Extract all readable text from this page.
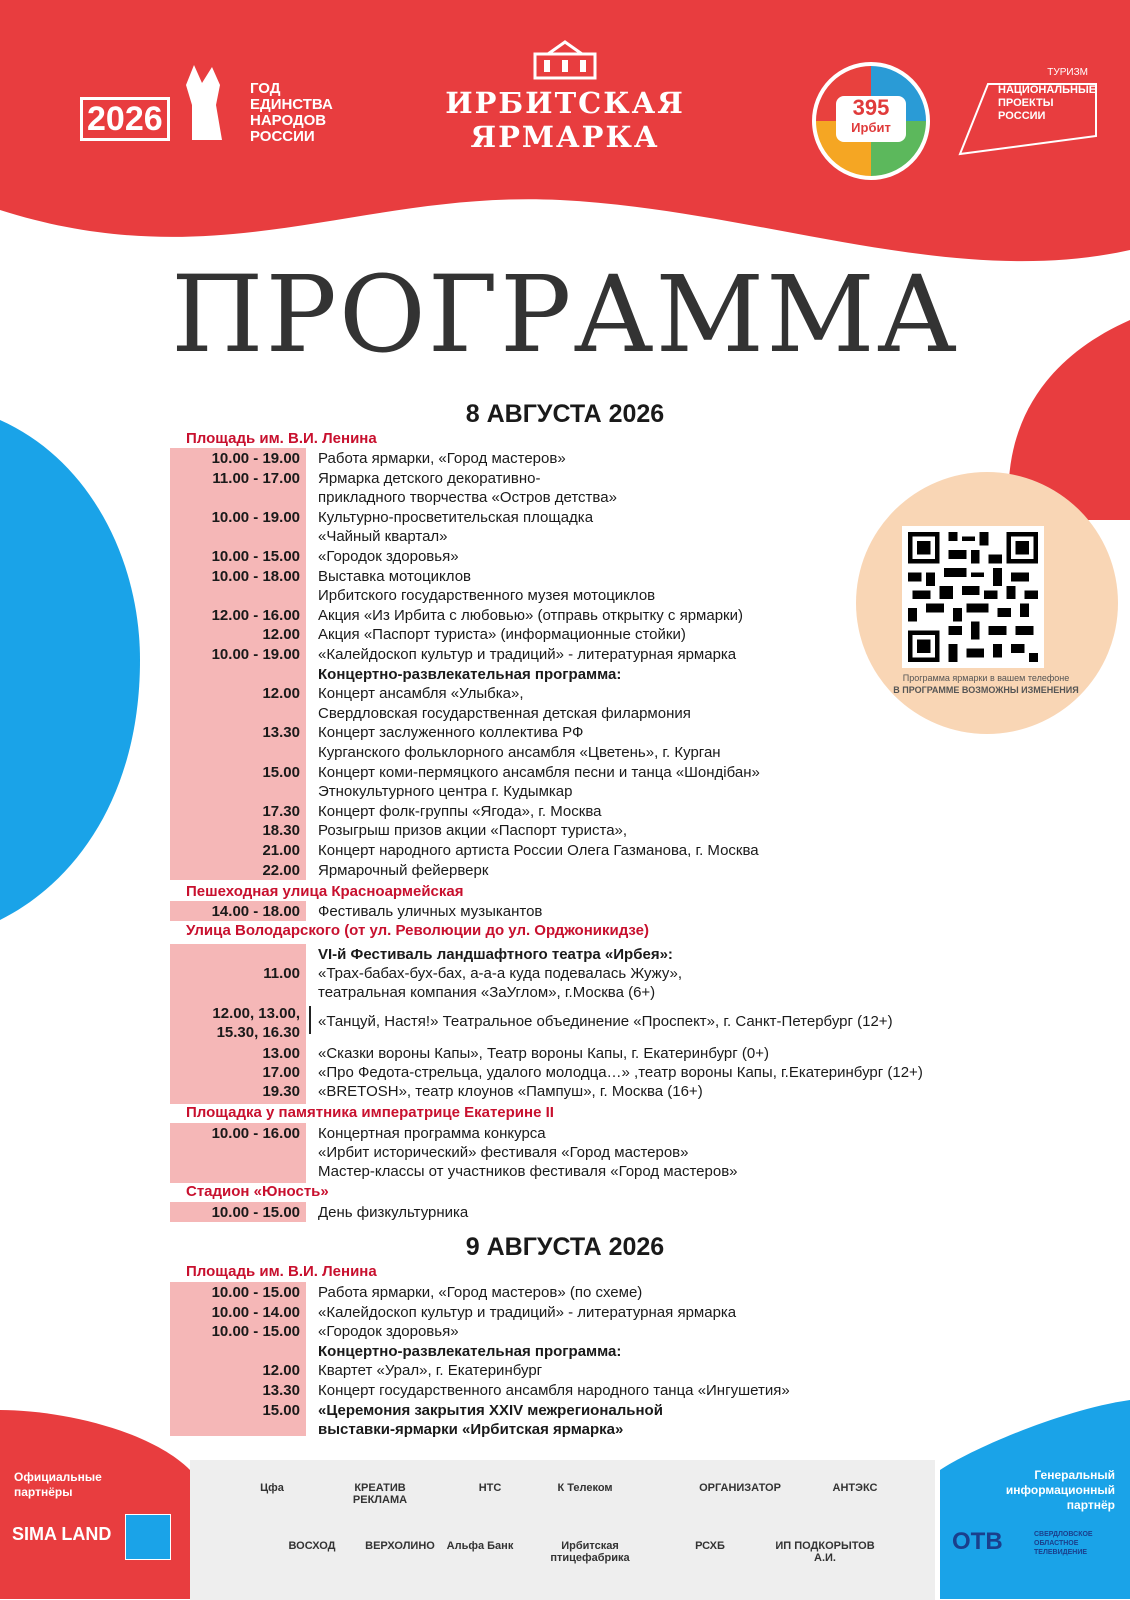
2026
ГОД ЕДИНСТВА НАРОДОВ РОССИИ
ИРБИТСКАЯ
ЯРМАРКА
395
Ирбит
ТУРИЗМ
НАЦИОНАЛЬНЫЕ ПРОЕКТЫ РОССИИ
ПРОГРАММА
Программа ярмарки в вашем телефоне
В ПРОГРАММЕ ВОЗМОЖНЫ ИЗМЕНЕНИЯ
8 АВГУСТА 2026
Площадь им. В.И. Ленина
10.00 - 19.00 Работа ярмарки, «Город мастеров»
11.00 - 17.00 Ярмарка детского декоративно-
прикладного творчества «Остров детства»
10.00 - 19.00 Культурно-просветительская площадка
«Чайный квартал»
10.00 - 15.00 «Городок здоровья»
10.00 - 18.00 Выставка мотоциклов
Ирбитского государственного музея мотоциклов
12.00 - 16.00 Акция «Из Ирбита с любовью» (отправь открытку с ярмарки)
12.00 Акция «Паспорт туриста» (информационные стойки)
10.00 - 19.00 «Калейдоскоп культур и традиций» - литературная ярмарка
Концертно-развлекательная программа:
12.00 Концерт ансамбля «Улыбка»,
Свердловская государственная детская филармония
13.30 Концерт заслуженного коллектива РФ
Курганского фольклорного ансамбля «Цветень», г. Курган
15.00 Концерт коми-пермяцкого ансамбля песни и танца «Шондiбан»
Этнокультурного центра г. Кудымкар
17.30 Концерт фолк-группы «Ягода», г. Москва
18.30 Розыгрыш призов акции «Паспорт туриста»,
21.00 Концерт народного артиста России Олега Газманова, г. Москва
22.00 Ярмарочный фейерверк
Пешеходная улица Красноармейская
14.00 - 18.00 Фестиваль уличных музыкантов
Улица Володарского (от ул. Революции до ул. Орджоникидзе)
VI-й Фестиваль ландшафтного театра «Ирбея»:
11.00 «Трах-бабах-бух-бах, а-а-а куда подевалась Жужу»,
театральная компания «ЗаУглом», г.Москва (6+)
12.00, 13.00,
15.30, 16.30
«Танцуй, Настя!» Театральное объединение «Проспект», г. Санкт-Петербург (12+)
13.00 «Сказки вороны Капы», Театр вороны Капы, г. Екатеринбург (0+)
17.00 «Про Федота-стрельца, удалого молодца…» ,театр вороны Капы, г.Екатеринбург (12+)
19.30 «BRETOSH», театр клоунов «Пампуш», г. Москва (16+)
Площадка у памятника императрице Екатерине II
10.00 - 16.00 Концертная программа конкурса
«Ирбит исторический» фестиваля «Город мастеров»
Мастер-классы от участников фестиваля «Город мастеров»
Стадион «Юность»
10.00 - 15.00 День физкультурника
9 АВГУСТА 2026
Площадь им. В.И. Ленина
10.00 - 15.00 Работа ярмарки, «Город мастеров» (по схеме)
10.00 - 14.00 «Калейдоскоп культур и традиций» - литературная ярмарка
10.00 - 15.00 «Городок здоровья»
Концертно-развлекательная программа:
12.00 Квартет «Урал», г. Екатеринбург
13.30 Концерт государственного ансамбля народного танца «Ингушетия»
15.00 «Церемония закрытия XXIV межрегиональной
выставки-ярмарки «Ирбитская ярмарка»
Официальные партнёры
Генеральный информационный партнёр
SIMA LAND	ОТВ	СВЕРДЛОВСКОЕ ОБЛАСТНОЕ ТЕЛЕВИДЕНИЕ
Цфа	КРЕАТИВ РЕКЛАМА
НТС	К Телеком	ОРГАНИЗАТОР	АНТЭКС
ВОСХОД	ВЕРХОЛИНО	Альфа Банк	Ирбитская птицефабрика
РСХБ	ИП ПОДКОРЫТОВ А.И.
